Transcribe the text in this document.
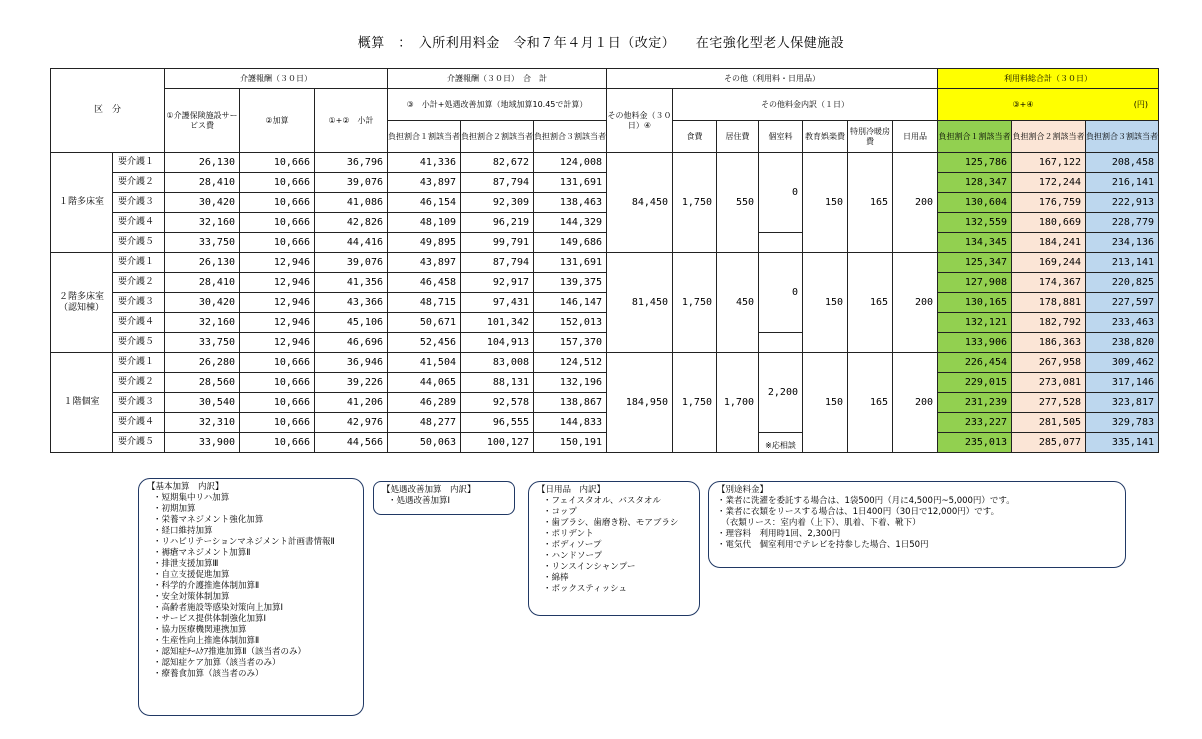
概算　：　入所利用料金　令和７年４月１日（改定）　　在宅強化型老人保健施設
区　分		介護報酬（３０日）			介護報酬（３０日）　合　計			その他（利用料・日用品）							利用料総合計（３０日）		
		①介護保険施設サービス費	②加算	①+②　小計	③　小計+処遇改善加算（地域加算10.45で計算）			その他料金（３０日）④	その他料金内訳（１日）						③+④ (円)		
					負担割合１割該当者	負担割合２割該当者	負担割合３割該当者		食費	居住費	個室料	教育娯楽費	特別冷暖房費	日用品	負担割合１割該当者	負担割合２割該当者	負担割合３割該当者
１階多床室	要介護１	26,130	10,666	36,796	41,336	82,672	124,008	84,450	1,750	550	0	150	165	200	125,786	167,122	208,458
	要介護２	28,410	10,666	39,076	43,897	87,794	131,691								128,347	172,244	216,141
	要介護３	30,420	10,666	41,086	46,154	92,309	138,463								130,604	176,759	222,913
	要介護４	32,160	10,666	42,826	48,109	96,219	144,329								132,559	180,669	228,779
	要介護５	33,750	10,666	44,416	49,895	99,791	149,686								134,345	184,241	234,136
２階多床室（認知棟）	要介護１	26,130	12,946	39,076	43,897	87,794	131,691	81,450	1,750	450	0	150	165	200	125,347	169,244	213,141
	要介護２	28,410	12,946	41,356	46,458	92,917	139,375								127,908	174,367	220,825
	要介護３	30,420	12,946	43,366	48,715	97,431	146,147								130,165	178,881	227,597
	要介護４	32,160	12,946	45,106	50,671	101,342	152,013								132,121	182,792	233,463
	要介護５	33,750	12,946	46,696	52,456	104,913	157,370								133,906	186,363	238,820
１階個室	要介護１	26,280	10,666	36,946	41,504	83,008	124,512	184,950	1,750	1,700	2,200	150	165	200	226,454	267,958	309,462
	要介護２	28,560	10,666	39,226	44,065	88,131	132,196								229,015	273,081	317,146
	要介護３	30,540	10,666	41,206	46,289	92,578	138,867								231,239	277,528	323,817
	要介護４	32,310	10,666	42,976	48,277	96,555	144,833								233,227	281,505	329,783
	要介護５	33,900	10,666	44,566	50,063	100,127	150,191				※応相談				235,013	285,077	335,141
【基本加算　内訳】
・ 短期集中リハ加算
・ 初期加算
・ 栄養マネジメント強化加算
・ 経口維持加算
・ リハビリテーションマネジメント計画書情報Ⅱ
・ 褥瘡マネジメント加算Ⅱ
・ 排泄支援加算Ⅲ
・ 自立支援促進加算
・ 科学的介護推進体制加算Ⅱ
・ 安全対策体制加算
・ 高齢者施設等感染対策向上加算Ⅰ
・ サービス提供体制強化加算Ⅰ
・ 協力医療機関連携加算
・ 生産性向上推進体制加算Ⅱ
・ 認知症ﾁｰﾑｹｱ推進加算Ⅱ（該当者のみ）
・ 認知症ケア加算（該当者のみ）
・ 療養食加算（該当者のみ）
【処遇改善加算　内訳】
・ 処遇改善加算Ⅰ
【日用品　内訳】
・ フェイスタオル、バスタオル
・ コップ
・ 歯ブラシ、歯磨き粉、モアブラシ
・ ポリデント
・ ボディソープ
・ ハンドソープ
・ リンスインシャンプー
・ 綿棒
・ ボックスティッシュ
【別途料金】
・業者に洗濯を委託する場合は、1袋500円（月に4,500円~5,000円）です。
・業者に衣類をリースする場合は、1日400円（30日で12,000円）です。
　（衣類リース：室内着（上下）、肌着、下着、靴下）
・理容料　利用時1回、2,300円
・電気代　個室利用でテレビを持参した場合、1日50円
